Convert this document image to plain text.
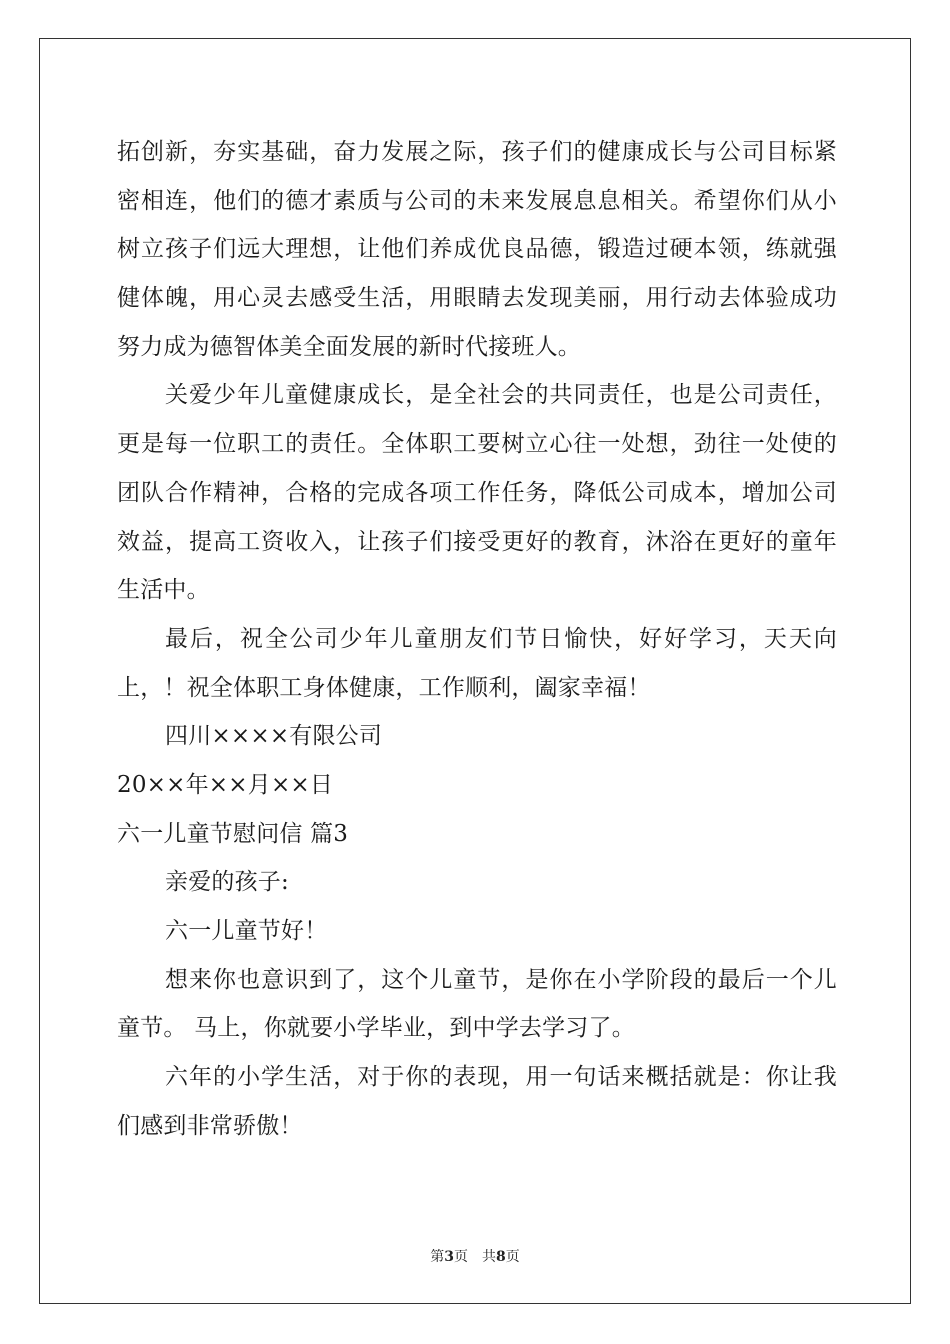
拓创新，夯实基础，奋力发展之际，孩子们的健康成长与公司目标紧
密相连，他们的德才素质与公司的未来发展息息相关。希望你们从小
树立孩子们远大理想，让他们养成优良品德，锻造过硬本领，练就强
健体魄，用心灵去感受生活，用眼睛去发现美丽，用行动去体验成功
努力成为德智体美全面发展的新时代接班人。
关爱少年儿童健康成长，是全社会的共同责任，也是公司责任，
更是每一位职工的责任。全体职工要树立心往一处想，劲往一处使的
团队合作精神，合格的完成各项工作任务，降低公司成本，增加公司
效益，提高工资收入，让孩子们接受更好的教育，沐浴在更好的童年
生活中。
最后，祝全公司少年儿童朋友们节日愉快，好好学习，天天向
上，！祝全体职工身体健康，工作顺利，阖家幸福！
四川××××有限公司
20××年××月××日
六一儿童节慰问信 篇3
亲爱的孩子:
六一儿童节好！
想来你也意识到了，这个儿童节，是你在小学阶段的最后一个儿
童节。 马上，你就要小学毕业，到中学去学习了。
六年的小学生活，对于你的表现，用一句话来概括就是：你让我
们感到非常骄傲！
第3页 共8页
